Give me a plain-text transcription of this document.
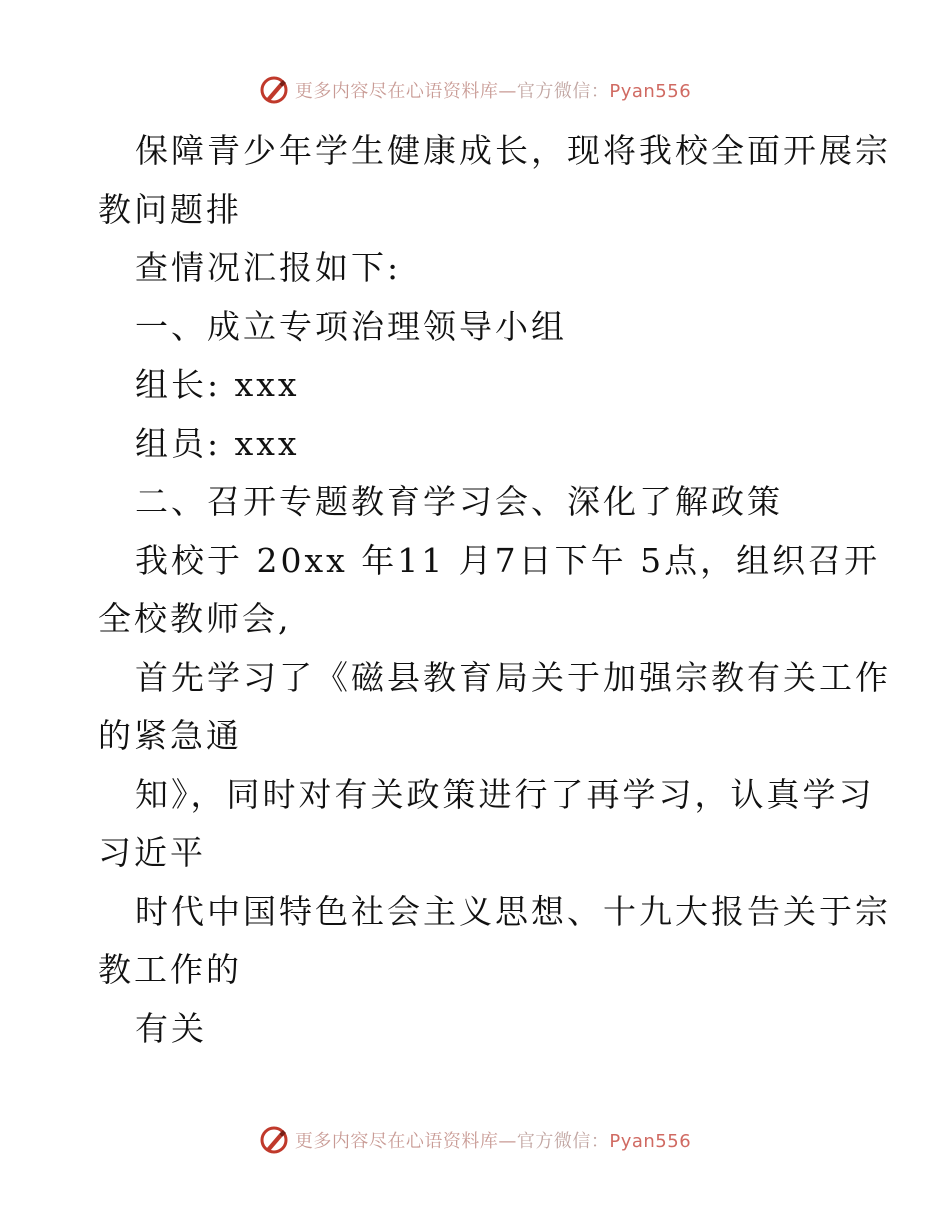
更多内容尽在心语资料库—官方微信：Pyan556
保障青少年学生健康成长，现将我校全面开展宗
教问题排
查情况汇报如下:
一、成立专项治理领导小组
组长: xxx
组员: xxx
二、召开专题教育学习会、深化了解政策
我校于 20xx 年11 月7日下午 5点，组织召开
全校教师会,
首先学习了《磁县教育局关于加强宗教有关工作
的紧急通
知》，同时对有关政策进行了再学习，认真学习
习近平
时代中国特色社会主义思想、十九大报告关于宗
教工作的
有关
更多内容尽在心语资料库—官方微信：Pyan556
